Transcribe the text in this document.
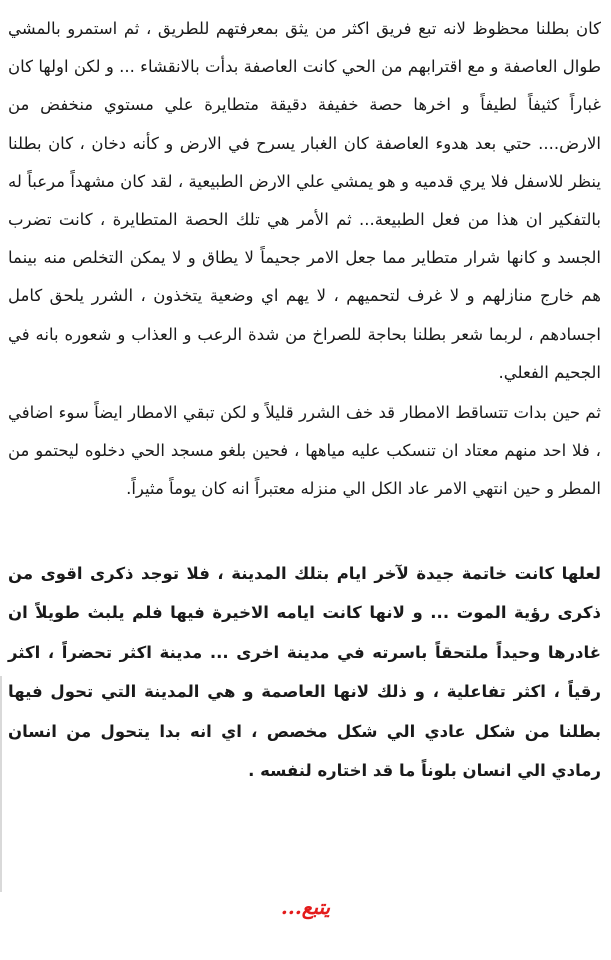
كان بطلنا محظوظ لانه تبع فريق اكثر من يثق بمعرفتهم للطريق ، ثم استمرو بالمشي طوال العاصفة و مع اقترابهم من الحي كانت العاصفة بدأت بالانقشاء ... و لكن اولها كان غباراً كثيفاً لطيفاً و اخرها حصة خفيفة دقيقة متطايرة علي مستوي منخفض من الارض.... حتي بعد هدوء العاصفة كان الغبار يسرح في الارض و كأنه دخان ، كان بطلنا ينظر للاسفل فلا يري قدميه و هو يمشي علي الارض الطبيعية ، لقد كان مشهداً مرعباً له بالتفكير ان هذا من فعل الطبيعة... ثم الأمر هي تلك الحصة المتطايرة ، كانت تضرب الجسد و كانها شرار متطاير مما جعل الامر جحيماً لا يطاق و لا يمكن التخلص منه بينما هم خارج منازلهم و لا غرف لتحميهم ، لا يهم اي وضعية يتخذون ، الشرر يلحق كامل اجسادهم ، لربما شعر بطلنا بحاجة للصراخ من شدة الرعب و العذاب و شعوره بانه في الجحيم الفعلي.

ثم حين بدات تتساقط الامطار قد خف الشرر قليلاً و لكن تبقي الامطار ايضاً سوء اضافي ، فلا احد منهم معتاد ان تنسكب عليه مياهها ، فحين بلغو مسجد الحي دخلوه ليحتمو من المطر و حين انتهي الامر عاد الكل الي منزله معتبراً انه كان يوماً مثيراً.

لعلها كانت خاتمة جيدة لآخر ايام بتلك المدينة ، فلا توجد ذكرى اقوى من ذكرى رؤية الموت ... و لانها كانت ايامه الاخيرة فيها فلم يلبث طويلاً ان غادرها وحيداً ملتحقاً باسرته في مدينة اخرى ... مدينة اكثر تحضراً ، اكثر رقياً ، اكثر تفاعلية ، و ذلك لانها العاصمة و هي المدينة التي تحول فيها بطلنا من شكل عادي الي شكل مخصص ، اي انه بدا يتحول من انسان رمادي الي انسان بلوناً ما قد اختاره لنفسه .

يتبع...
